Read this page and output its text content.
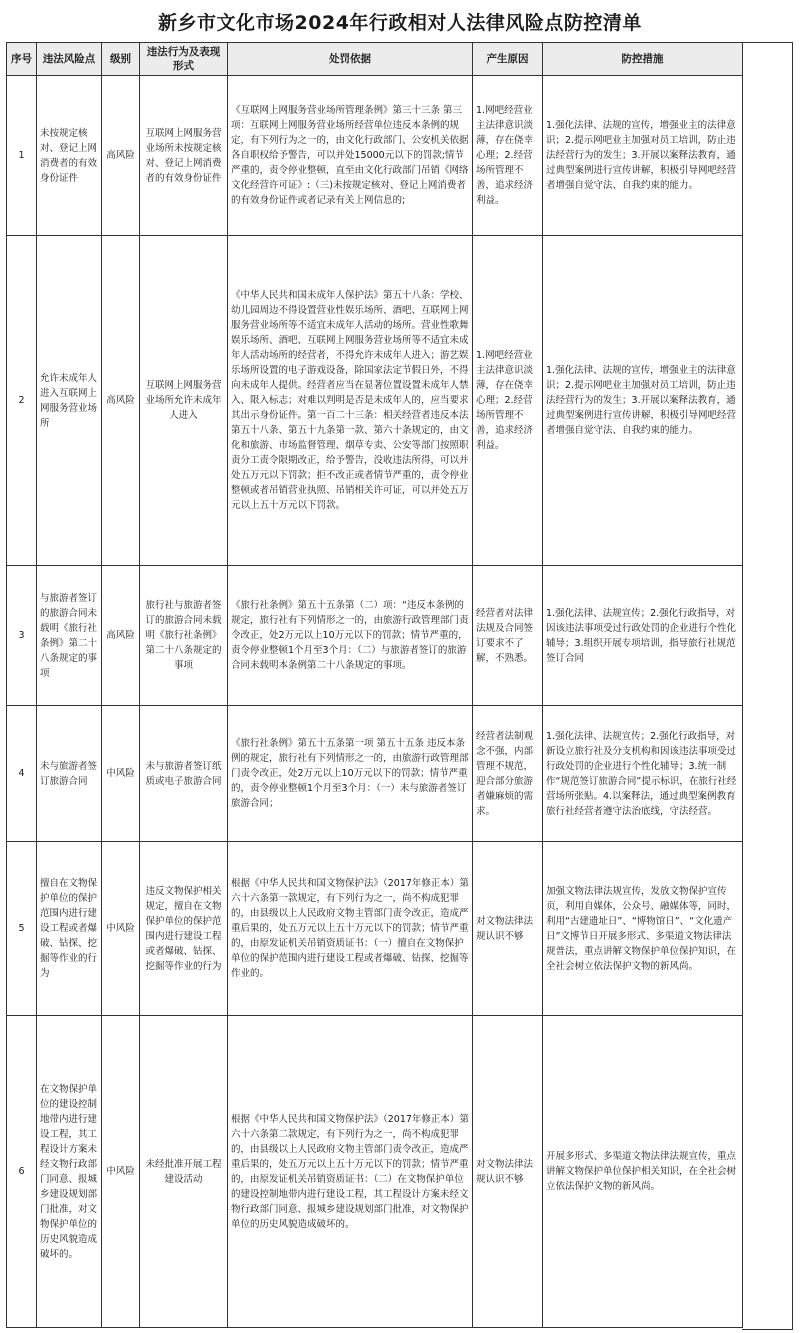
新乡市文化市场2024年行政相对人法律风险点防控清单
序号	违法风险点	级别	违法行为及表现形式	处罚依据	产生原因	防控措施
1	未按规定核对、登记上网消费者的有效身份证件	高风险	互联网上网服务营业场所未按规定核对、登记上网消费者的有效身份证件	《互联网上网服务营业场所管理条例》第三十三条 第三项：互联网上网服务营业场所经营单位违反本条例的规定，有下列行为之一的，由文化行政部门、公安机关依据各自职权给予警告，可以并处15000元以下的罚款;情节严重的，责令停业整顿，直至由文化行政部门吊销《网络文化经营许可证》:（三)未按规定核对、登记上网消费者的有效身份证件或者记录有关上网信息的;	1.网吧经营业主法律意识淡薄，存在侥幸心理；2.经营场所管理不善，追求经济利益。	1.强化法律、法规的宣传，增强业主的法律意识；2.提示网吧业主加强对员工培训，防止违法经营行为的发生；3.开展以案释法教育，通过典型案例进行宣传讲解，积极引导网吧经营者增强自觉守法、自我约束的能力。
2	允许未成年人进入互联网上网服务营业场所	高风险	互联网上网服务营业场所允许未成年人进入	《中华人民共和国未成年人保护法》第五十八条：学校、幼儿园周边不得设置营业性娱乐场所、酒吧、互联网上网服务营业场所等不适宜未成年人活动的场所。营业性歌舞娱乐场所、酒吧、互联网上网服务营业场所等不适宜未成年人活动场所的经营者，不得允许未成年人进入；游艺娱乐场所设置的电子游戏设备，除国家法定节假日外，不得向未成年人提供。经营者应当在显著位置设置未成年人禁入、限入标志；对难以判明是否是未成年人的，应当要求其出示身份证件。第一百二十三条：相关经营者违反本法第五十八条、第五十九条第一款、第六十条规定的，由文化和旅游、市场监督管理、烟草专卖、公安等部门按照职责分工责令限期改正，给予警告，没收违法所得，可以并处五万元以下罚款；拒不改正或者情节严重的，责令停业整顿或者吊销营业执照、吊销相关许可证，可以并处五万元以上五十万元以下罚款。	1.网吧经营业主法律意识淡薄，存在侥幸心理；2.经营场所管理不善，追求经济利益。	1.强化法律、法规的宣传，增强业主的法律意识；2.提示网吧业主加强对员工培训，防止违法经营行为的发生；3.开展以案释法教育，通过典型案例进行宣传讲解，积极引导网吧经营者增强自觉守法、自我约束的能力。
3	与旅游者签订的旅游合同未载明《旅行社条例》第二十八条规定的事项	高风险	旅行社与旅游者签订的旅游合同未载明《旅行社条例》第二十八条规定的事项	《旅行社条例》第五十五条第（二）项：“违反本条例的规定，旅行社有下列情形之一的，由旅游行政管理部门责令改正，处2万元以上10万元以下的罚款；情节严重的，责令停业整顿1个月至3个月：（二）与旅游者签订的旅游合同未载明本条例第二十八条规定的事项。	经营者对法律法规及合同签订要求不了解，不熟悉。	1.强化法律、法规宣传；2.强化行政指导，对因该违法事项受过行政处罚的企业进行个性化辅导；3.组织开展专项培训，指导旅行社规范签订合同
4	未与旅游者签订旅游合同	中风险	未与旅游者签订纸质或电子旅游合同	《旅行社条例》第五十五条第一项 第五十五条 违反本条例的规定，旅行社有下列情形之一的，由旅游行政管理部门责令改正，处2万元以上10万元以下的罚款；情节严重的，责令停业整顿1个月至3个月：（一）未与旅游者签订旅游合同；	经营者法制观念不强，内部管理不规范，迎合部分旅游者嫌麻烦的需求。	1.强化法律、法规宣传；2.强化行政指导，对新设立旅行社及分支机构和因该违法事项受过行政处罚的企业进行个性化辅导；3.统一制作“规范签订旅游合同”提示标识，在旅行社经营场所张贴。4.以案释法，通过典型案例教育旅行社经营者遵守法治底线，守法经营。
5	擅自在文物保护单位的保护范围内进行建设工程或者爆破、钻探、挖掘等作业的行为	中风险	违反文物保护相关规定，擅自在文物保护单位的保护范围内进行建设工程或者爆破、钻探、挖掘等作业的行为	根据《中华人民共和国文物保护法》（2017年修正本）第六十六条第一款规定，有下列行为之一，尚不构成犯罪的，由县级以上人民政府文物主管部门责令改正，造成严重后果的，处五万元以上五十万元以下的罚款；情节严重的，由原发证机关吊销资质证书：（一）擅自在文物保护单位的保护范围内进行建设工程或者爆破、钻探、挖掘等作业的。	对文物法律法规认识不够	加强文物法律法规宣传，发放文物保护宣传页，利用自媒体，公众号、融媒体等，同时，利用“古建遗址日”、“博物馆日”、“文化遗产日”文博节日开展多形式、多渠道文物法律法规普法，重点讲解文物保护单位保护知识，在全社会树立依法保护文物的新风尚。
6	在文物保护单位的建设控制地带内进行建设工程，其工程设计方案未经文物行政部门同意、报城乡建设规划部门批准，对文物保护单位的历史风貌造成破坏的。	中风险	未经批准开展工程建设活动	根据《中华人民共和国文物保护法》（2017年修正本）第六十六条第二款规定，有下列行为之一，尚不构成犯罪的，由县级以上人民政府文物主管部门责令改正，造成严重后果的，处五万元以上五十万元以下的罚款；情节严重的，由原发证机关吊销资质证书：（二）在文物保护单位的建设控制地带内进行建设工程，其工程设计方案未经文物行政部门同意、报城乡建设规划部门批准，对文物保护单位的历史风貌造成破坏的。	对文物法律法规认识不够	开展多形式、多渠道文物法律法规宣传，重点讲解文物保护单位保护相关知识，在全社会树立依法保护文物的新风尚。
